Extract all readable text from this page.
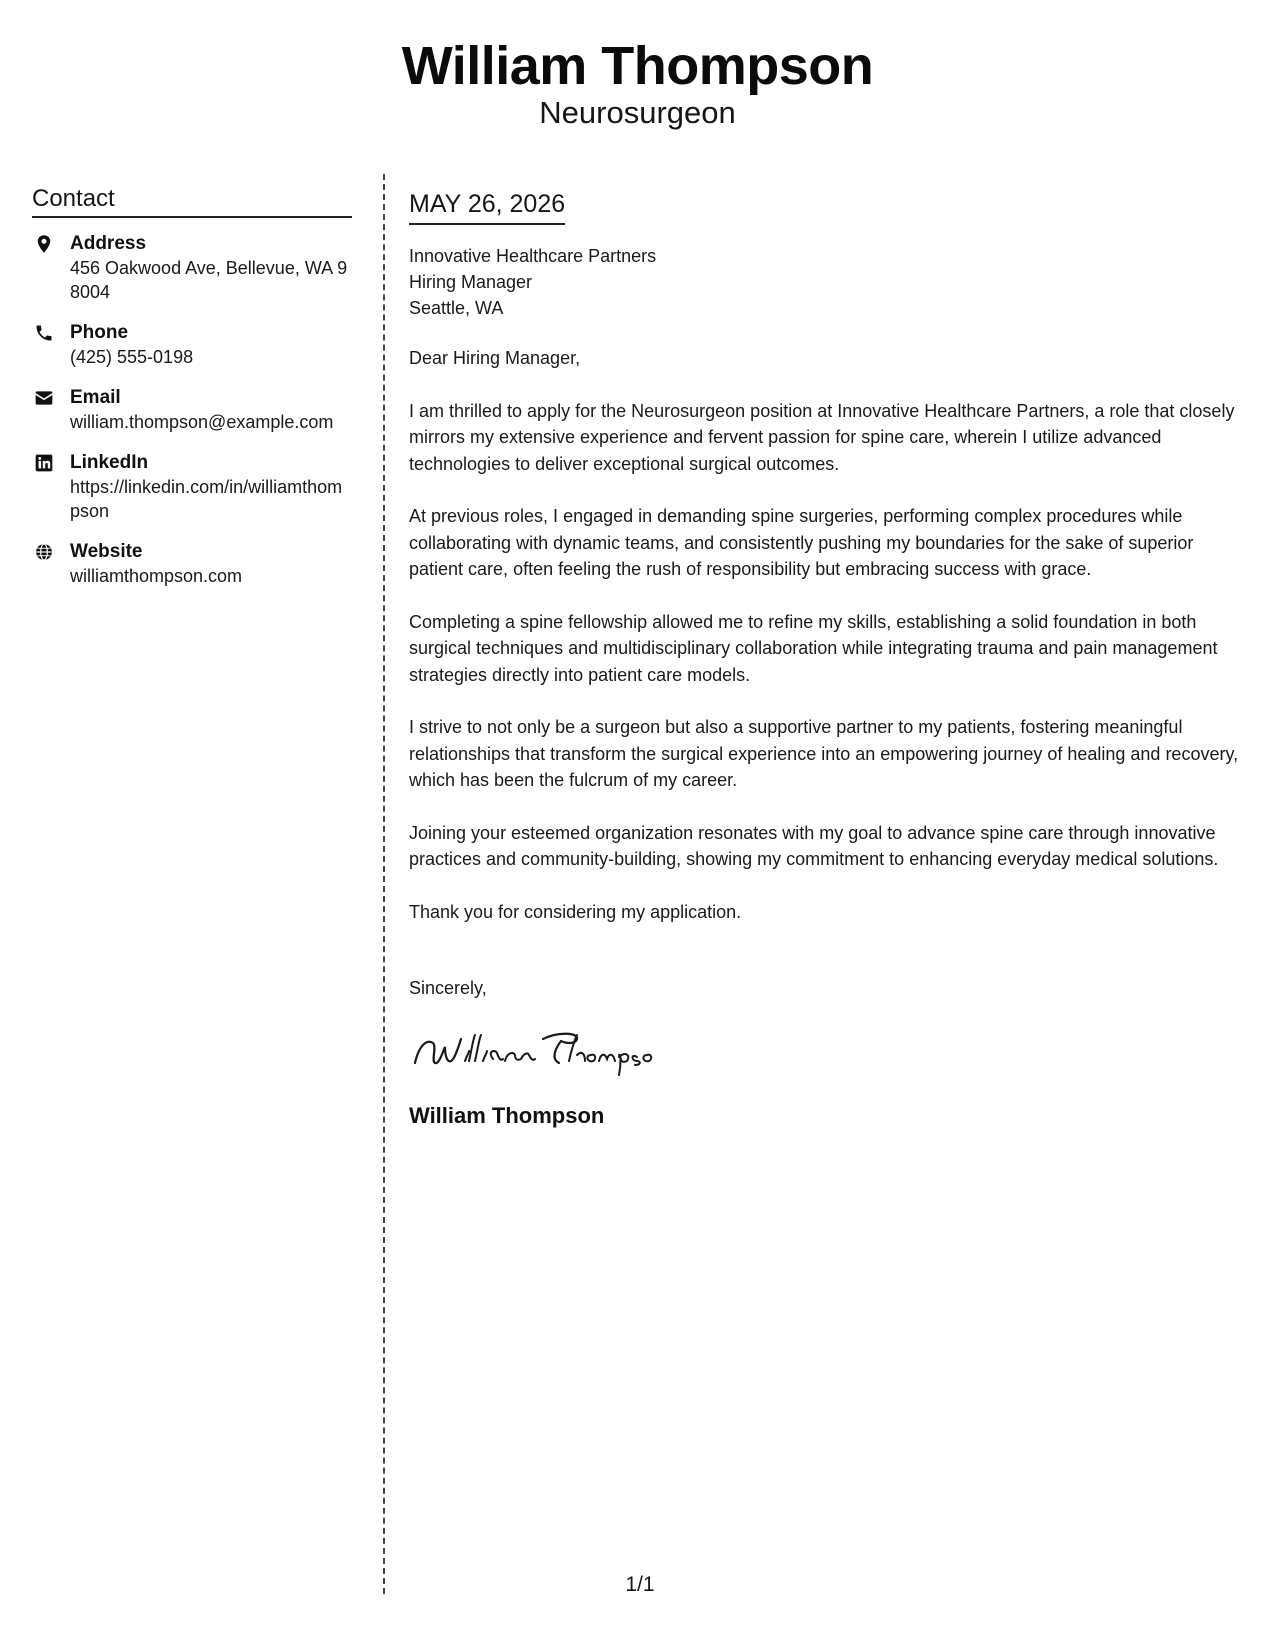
William Thompson
Neurosurgeon
Contact
Address
456 Oakwood Ave, Bellevue, WA 98004
Phone
(425) 555-0198
Email
william.thompson@example.com
LinkedIn
https://linkedin.com/in/williamthompson
Website
williamthompson.com
MAY 26, 2026
Innovative Healthcare Partners
Hiring Manager
Seattle, WA

Dear Hiring Manager,

I am thrilled to apply for the Neurosurgeon position at Innovative Healthcare Partners, a role that closely mirrors my extensive experience and fervent passion for spine care, wherein I utilize advanced technologies to deliver exceptional surgical outcomes.

At previous roles, I engaged in demanding spine surgeries, performing complex procedures while collaborating with dynamic teams, and consistently pushing my boundaries for the sake of superior patient care, often feeling the rush of responsibility but embracing success with grace.

Completing a spine fellowship allowed me to refine my skills, establishing a solid foundation in both surgical techniques and multidisciplinary collaboration while integrating trauma and pain management strategies directly into patient care models.

I strive to not only be a surgeon but also a supportive partner to my patients, fostering meaningful relationships that transform the surgical experience into an empowering journey of healing and recovery, which has been the fulcrum of my career.

Joining your esteemed organization resonates with my goal to advance spine care through innovative practices and community-building, showing my commitment to enhancing everyday medical solutions.

Thank you for considering my application.

Sincerely,
William Thompson
1/1
